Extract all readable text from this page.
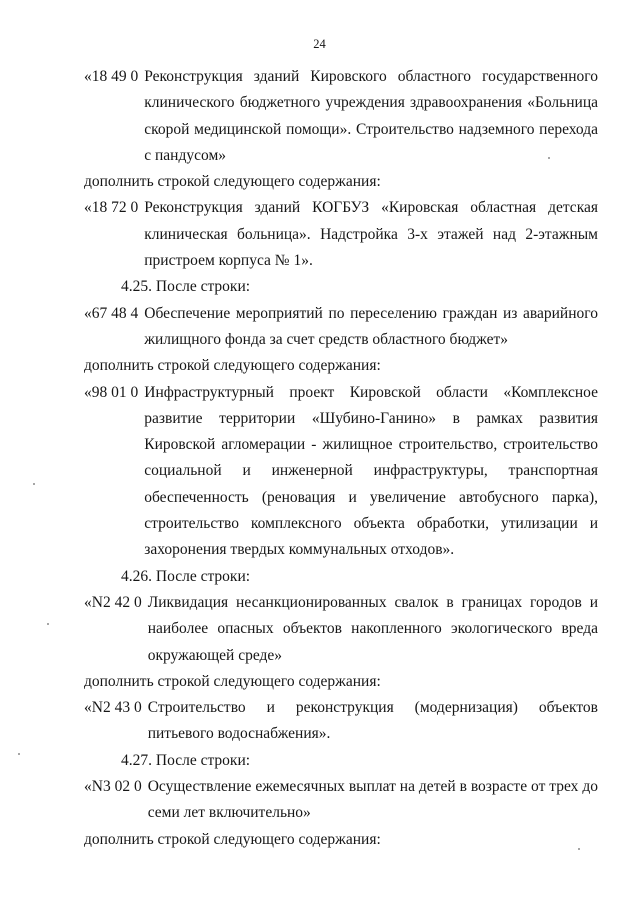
24
«18 49 0 Реконструкция зданий Кировского областного государственного клинического бюджетного учреждения здравоохранения «Больница скорой медицинской помощи». Строительство надземного перехода с пандусом»
дополнить строкой следующего содержания:
«18 72 0 Реконструкция зданий КОГБУЗ «Кировская областная детская клиническая больница». Надстройка 3-х этажей над 2-этажным пристроем корпуса № 1».
4.25. После строки:
«67 48 4 Обеспечение мероприятий по переселению граждан из аварийного жилищного фонда за счет средств областного бюджет»
дополнить строкой следующего содержания:
«98 01 0 Инфраструктурный проект Кировской области «Комплексное развитие территории «Шубино-Ганино» в рамках развития Кировской агломерации - жилищное строительство, строительство социальной и инженерной инфраструктуры, транспортная обеспеченность (реновация и увеличение автобусного парка), строительство комплексного объекта обработки, утилизации и захоронения твердых коммунальных отходов».
4.26. После строки:
«N2 42 0 Ликвидация несанкционированных свалок в границах городов и наиболее опасных объектов накопленного экологического вреда окружающей среде»
дополнить строкой следующего содержания:
«N2 43 0 Строительство и реконструкция (модернизация) объектов питьевого водоснабжения».
4.27. После строки:
«N3 02 0 Осуществление ежемесячных выплат на детей в возрасте от трех до семи лет включительно»
дополнить строкой следующего содержания:
